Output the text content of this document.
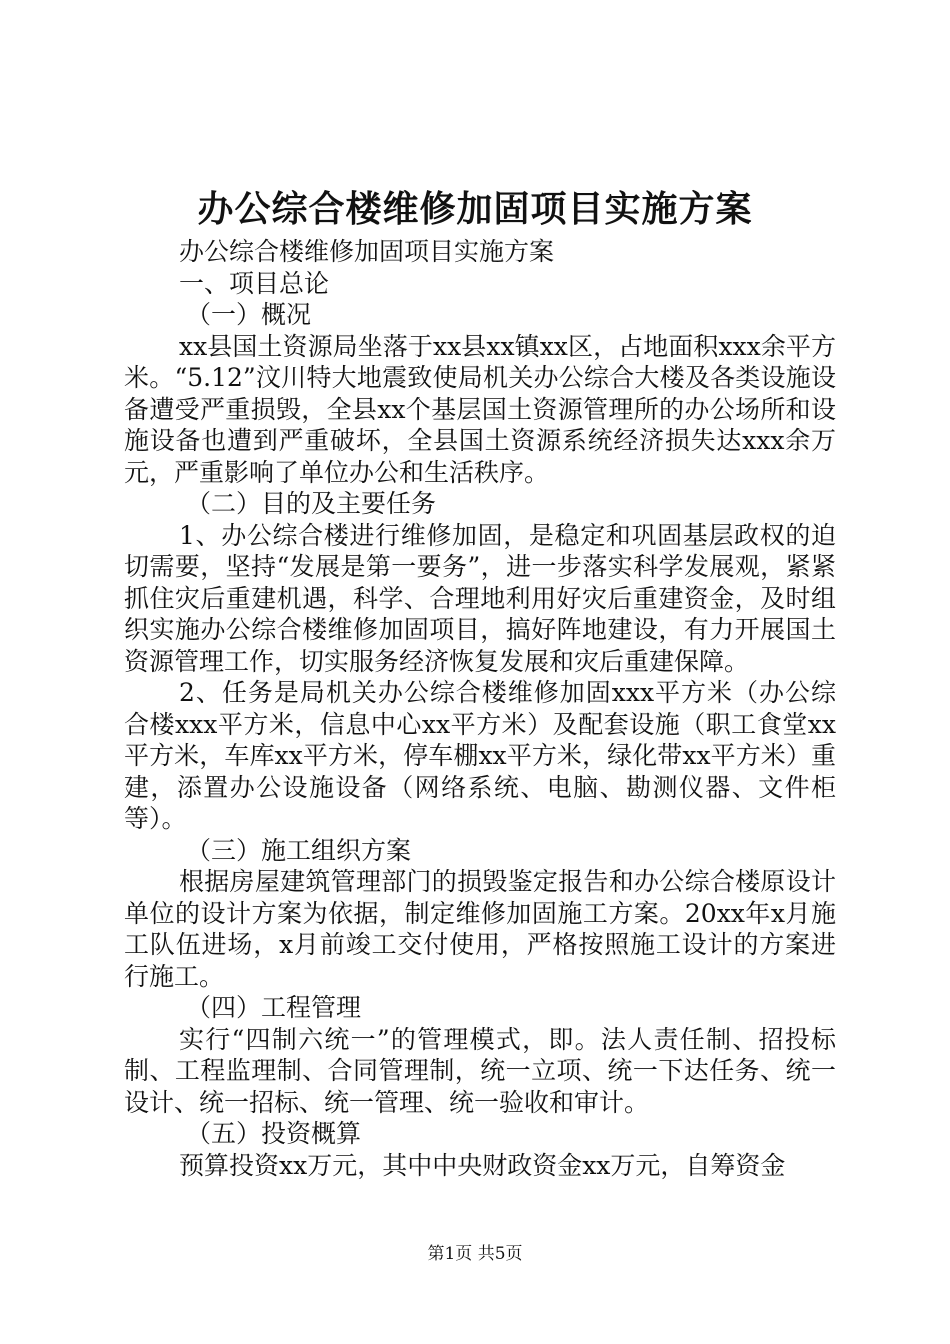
办公综合楼维修加固项目实施方案

办公综合楼维修加固项目实施方案

一、项目总论

（一）概况

xx县国土资源局坐落于xx县xx镇xx区，占地面积xxx余平方米。“5.12”汶川特大地震致使局机关办公综合大楼及各类设施设备遭受严重损毁，全县xx个基层国土资源管理所的办公场所和设施设备也遭到严重破坏，全县国土资源系统经济损失达xxx余万元，严重影响了单位办公和生活秩序。

（二）目的及主要任务

1、办公综合楼进行维修加固，是稳定和巩固基层政权的迫切需要，坚持“发展是第一要务”，进一步落实科学发展观，紧紧抓住灾后重建机遇，科学、合理地利用好灾后重建资金，及时组织实施办公综合楼维修加固项目，搞好阵地建设，有力开展国土资源管理工作，切实服务经济恢复发展和灾后重建保障。

2、任务是局机关办公综合楼维修加固xxx平方米（办公综合楼xxx平方米，信息中心xx平方米）及配套设施（职工食堂xx平方米，车库xx平方米，停车棚xx平方米，绿化带xx平方米）重建，添置办公设施设备（网络系统、电脑、勘测仪器、文件柜等）。

（三）施工组织方案

根据房屋建筑管理部门的损毁鉴定报告和办公综合楼原设计单位的设计方案为依据，制定维修加固施工方案。20xx年x月施工队伍进场，x月前竣工交付使用，严格按照施工设计的方案进行施工。

（四）工程管理

实行“四制六统一”的管理模式，即。法人责任制、招投标制、工程监理制、合同管理制，统一立项、统一下达任务、统一设计、统一招标、统一管理、统一验收和审计。

（五）投资概算

预算投资xx万元，其中中央财政资金xx万元，自筹资金

第1页 共5页
